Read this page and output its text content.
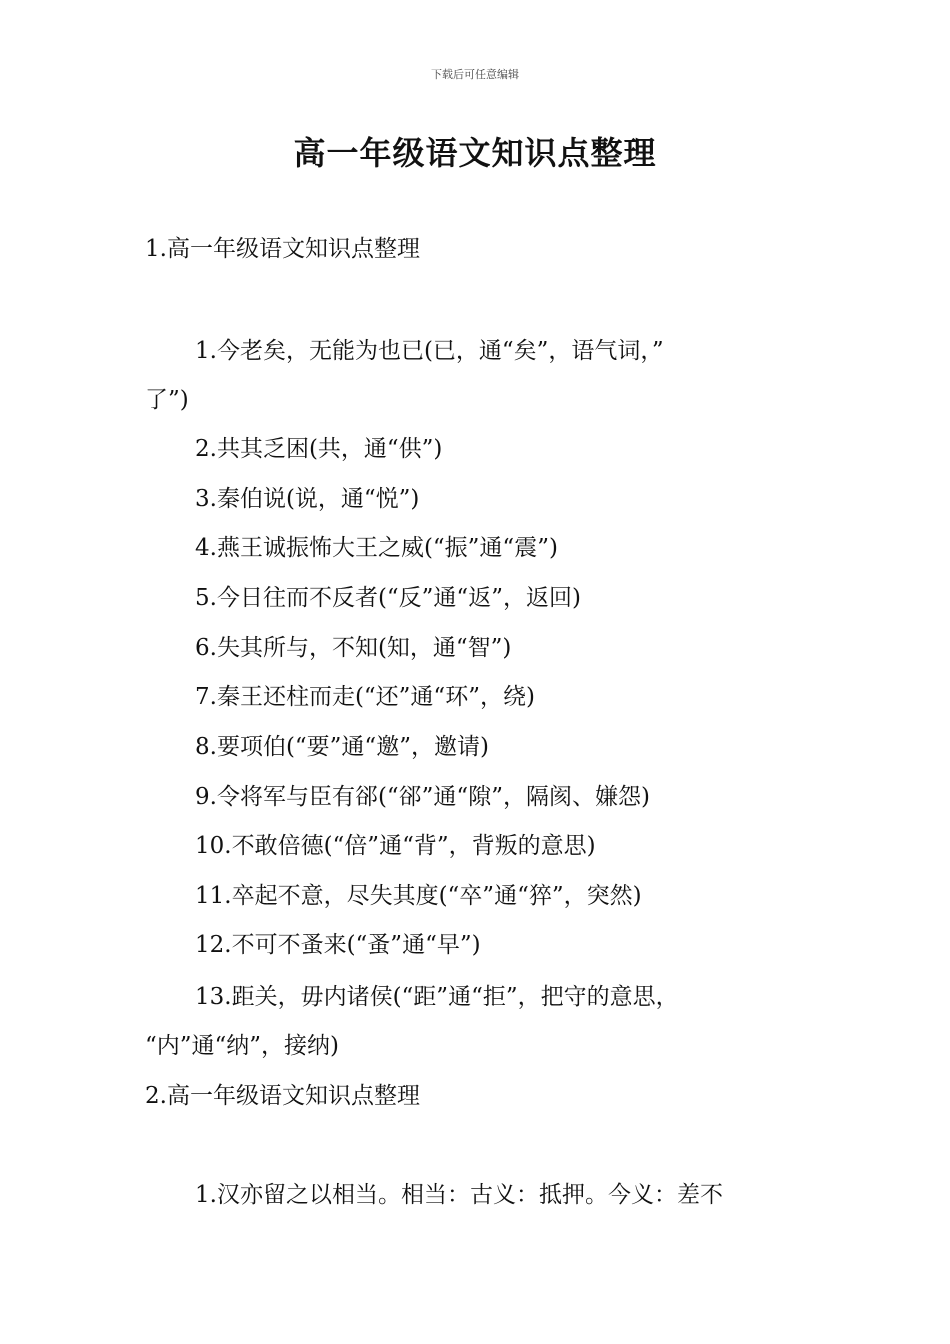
下载后可任意编辑
高一年级语文知识点整理
1.高一年级语文知识点整理
1.今老矣，无能为也已(已，通“矣”，语气词，”
了”)
2.共其乏困(共，通“供”)
3.秦伯说(说，通“悦”)
4.燕王诚振怖大王之威(“振”通“震”)
5.今日往而不反者(“反”通“返”，返回)
6.失其所与，不知(知，通“智”)
7.秦王还柱而走(“还”通“环”，绕)
8.要项伯(“要”通“邀”，邀请)
9.令将军与臣有郤(“郤”通“隙”，隔阂、嫌怨)
10.不敢倍德(“倍”通“背”，背叛的意思)
11.卒起不意，尽失其度(“卒”通“猝”，突然)
12.不可不蚤来(“蚤”通“早”)
13.距关，毋内诸侯(“距”通“拒”，把守的意思，
“内”通“纳”，接纳)
2.高一年级语文知识点整理
1.汉亦留之以相当。相当：古义：抵押。今义：差不
